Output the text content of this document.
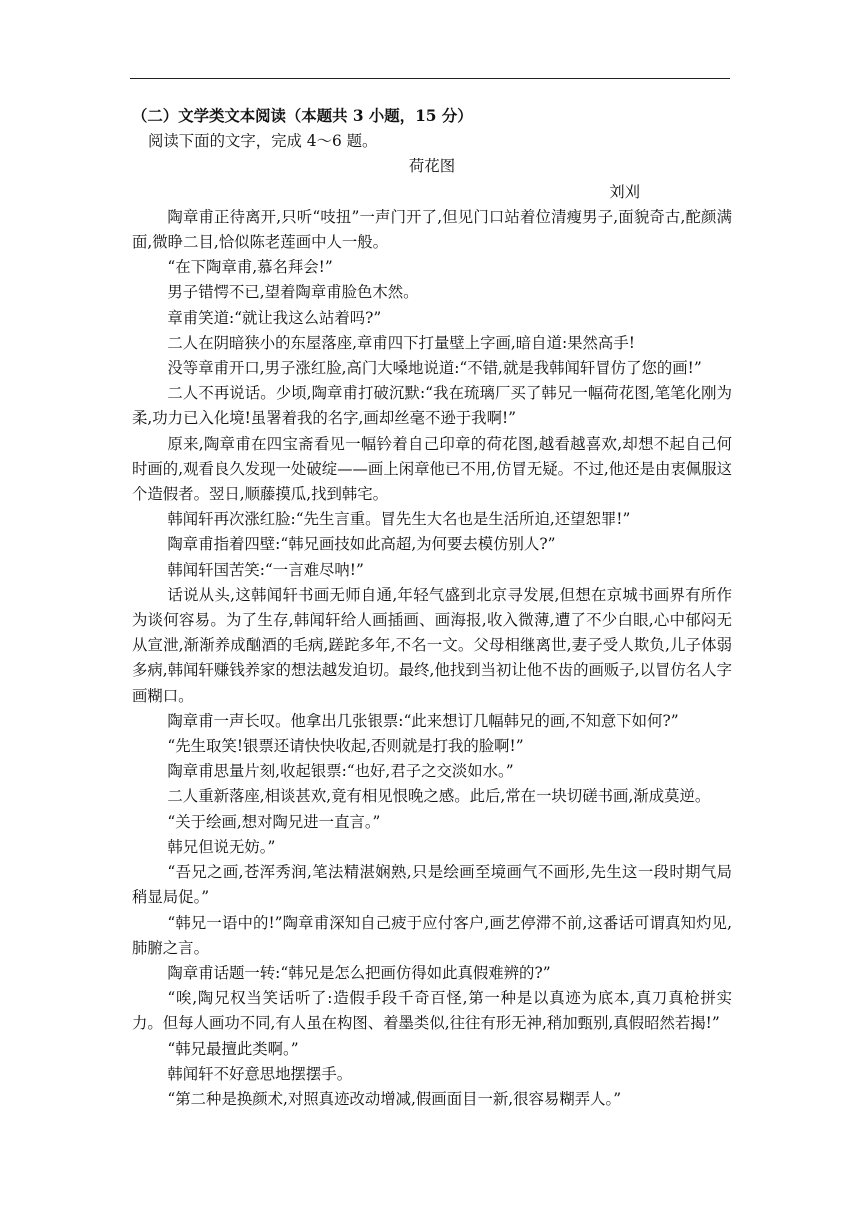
（二）文学类文本阅读（本题共 3 小题，15 分）
阅读下面的文字，完成 4～6 题。
荷花图
刘刈
陶章甫正待离开,只听“吱扭”一声门开了,但见门口站着位清瘦男子,面貌奇古,酡颜满面,微睁二目,恰似陈老莲画中人一般。
“在下陶章甫,慕名拜会!”
男子错愕不已,望着陶章甫脸色木然。
章甫笑道:“就让我这么站着吗?”
二人在阴暗狭小的东屋落座,章甫四下打量壁上字画,暗自道:果然高手!
没等章甫开口,男子涨红脸,高门大嗓地说道:“不错,就是我韩闻轩冒仿了您的画!”
二人不再说话。少顷,陶章甫打破沉默:“我在琉璃厂买了韩兄一幅荷花图,笔笔化刚为柔,功力已入化境!虽署着我的名字,画却丝毫不逊于我啊!”
原来,陶章甫在四宝斋看见一幅钤着自己印章的荷花图,越看越喜欢,却想不起自己何时画的,观看良久发现一处破绽——画上闲章他已不用,仿冒无疑。不过,他还是由衷佩服这个造假者。翌日,顺藤摸瓜,找到韩宅。
韩闻轩再次涨红脸:“先生言重。冒先生大名也是生活所迫,还望恕罪!”
陶章甫指着四壁:“韩兄画技如此高超,为何要去模仿别人?”
韩闻轩国苦笑:“一言难尽呐!”
话说从头,这韩闻轩书画无师自通,年轻气盛到北京寻发展,但想在京城书画界有所作为谈何容易。为了生存,韩闻轩给人画插画、画海报,收入微薄,遭了不少白眼,心中郁闷无从宣泄,渐渐养成酗酒的毛病,蹉跎多年,不名一文。父母相继离世,妻子受人欺负,儿子体弱多病,韩闻轩赚钱养家的想法越发迫切。最终,他找到当初让他不齿的画贩子,以冒仿名人字画糊口。
陶章甫一声长叹。他拿出几张银票:“此来想订几幅韩兄的画,不知意下如何?”
“先生取笑!银票还请快快收起,否则就是打我的脸啊!”
陶章甫思量片刻,收起银票:“也好,君子之交淡如水。”
二人重新落座,相谈甚欢,竟有相见恨晚之感。此后,常在一块切磋书画,渐成莫逆。
“关于绘画,想对陶兄进一直言。”
韩兄但说无妨。”
“吾兄之画,苍浑秀润,笔法精湛娴熟,只是绘画至境画气不画形,先生这一段时期气局稍显局促。”
“韩兄一语中的!”陶章甫深知自己疲于应付客户,画艺停滞不前,这番话可谓真知灼见,肺腑之言。
陶章甫话题一转:“韩兄是怎么把画仿得如此真假难辨的?”
“唉,陶兄权当笑话听了:造假手段千奇百怪,第一种是以真迹为底本,真刀真枪拼实力。但每人画功不同,有人虽在构图、着墨类似,往往有形无神,稍加甄别,真假昭然若揭!”
“韩兄最擅此类啊。”
韩闻轩不好意思地摆摆手。
“第二种是换颜术,对照真迹改动增减,假画面目一新,很容易糊弄人。”
